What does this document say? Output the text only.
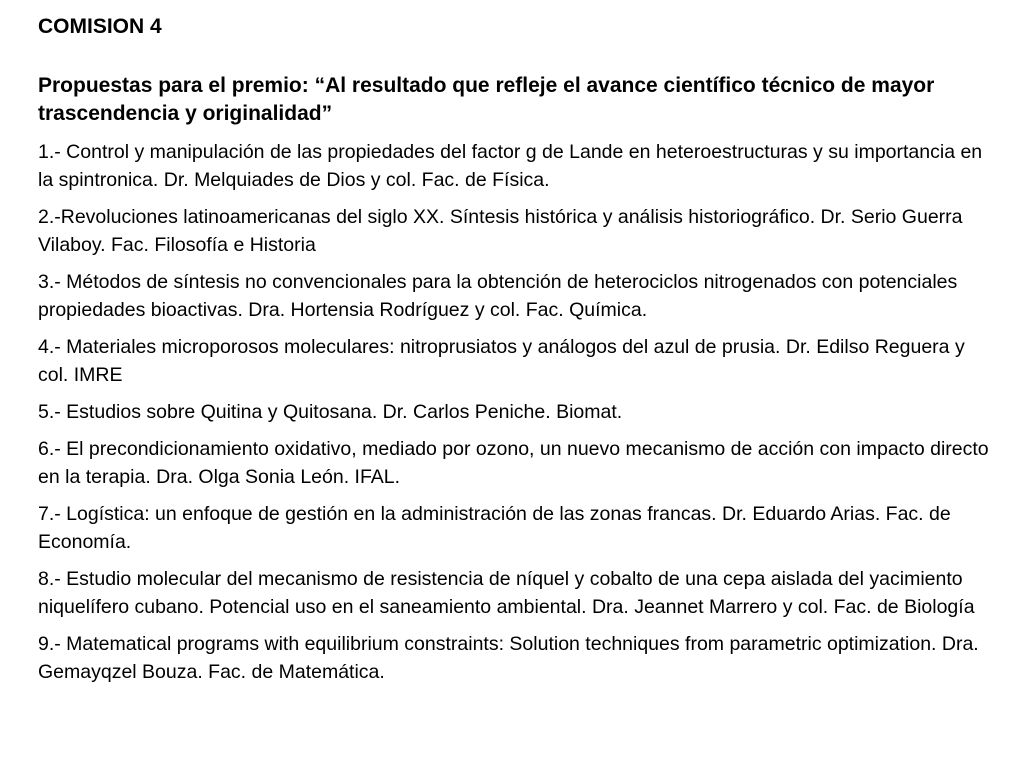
COMISION 4
Propuestas para el premio: “Al resultado que refleje el avance científico técnico de mayor trascendencia y originalidad”
1.- Control y manipulación de las propiedades del factor g de Lande en heteroestructuras y su importancia en la spintronica. Dr. Melquiades de Dios y col. Fac. de Física.
2.-Revoluciones latinoamericanas del siglo XX. Síntesis histórica y análisis historiográfico. Dr. Serio Guerra Vilaboy. Fac. Filosofía e Historia
3.- Métodos de síntesis no convencionales para la obtención de heterociclos nitrogenados con potenciales propiedades bioactivas. Dra. Hortensia Rodríguez y col. Fac. Química.
4.- Materiales microporosos moleculares: nitroprusiatos y análogos del azul de prusia. Dr. Edilso Reguera y col. IMRE
5.- Estudios sobre Quitina y Quitosana. Dr. Carlos Peniche. Biomat.
6.- El precondicionamiento oxidativo, mediado por ozono, un nuevo mecanismo de acción con impacto directo en la terapia. Dra. Olga Sonia León. IFAL.
7.- Logística: un enfoque de gestión en la administración de las zonas francas. Dr. Eduardo Arias. Fac. de Economía.
8.- Estudio molecular del mecanismo de resistencia de níquel y cobalto de una cepa aislada del yacimiento niquelífero cubano. Potencial uso en el saneamiento ambiental. Dra. Jeannet Marrero y col. Fac. de Biología
9.- Matematical programs with equilibrium constraints: Solution techniques from parametric optimization. Dra. Gemayqzel Bouza. Fac. de Matemática.
